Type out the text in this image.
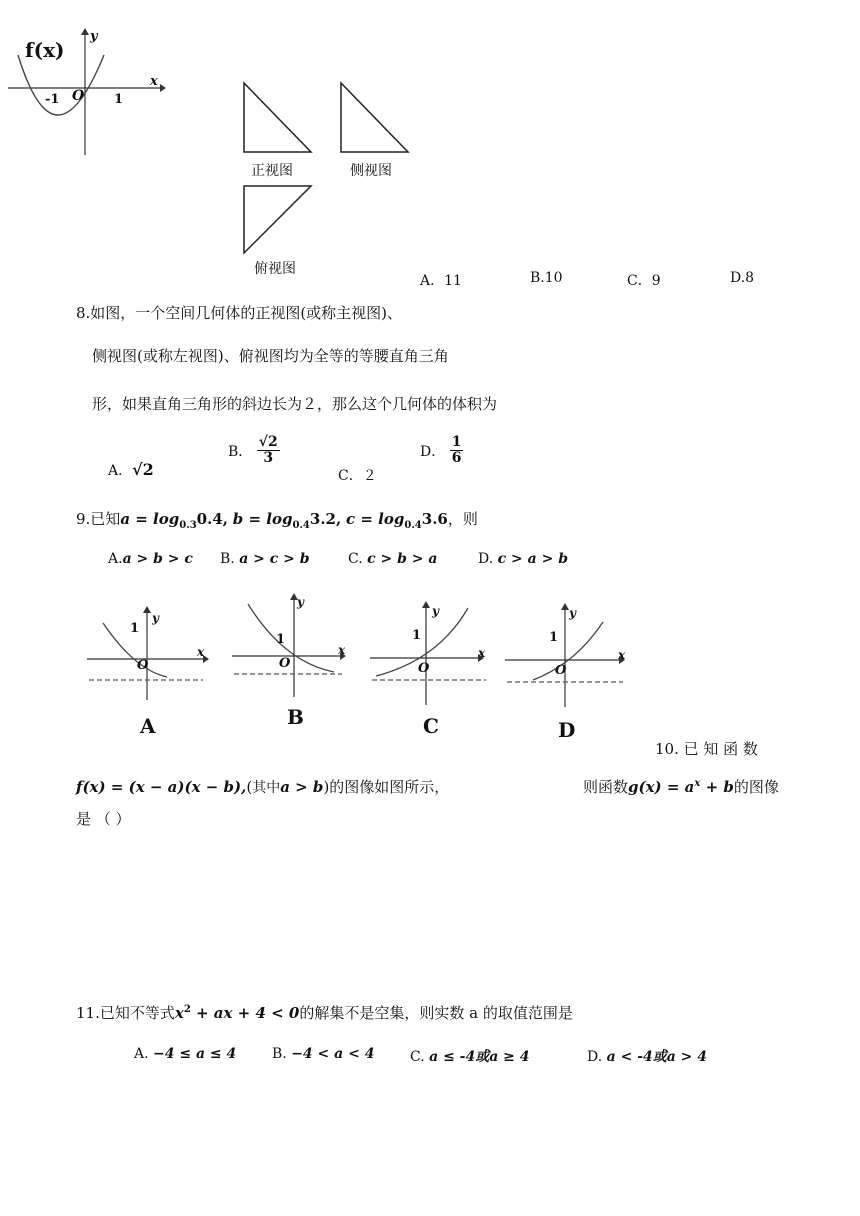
f(x)
y
x
O
-1	1
正视图	侧视图
俯视图
A．11	B.10	C．9	D.8
8.如图，一个空间几何体的正视图(或称主视图)、
侧视图(或称左视图)、俯视图均为全等的等腰直角三角
形，如果直角三角形的斜边长为２，那么这个几何体的体积为
A．√2
B． $\frac{√2}{3}$
C．２
D． $\frac{1}{6}$
9.已知$a = \log_{0.3}0.4$, $b = \log_{0.4}3.2$, $c = \log_{0.4}3.6$，则
A.a > b > c B. a > c > b	C. c > b > a	D. c > a > b
1
y
x
O
A
1
y
x
O
B
1
y
x
O
C
1
y
x
O
D
10. 已 知 函 数
f(x) = (x − a)(x − b),(其中a > b)的图像如图所示，	则函数$g(x) = a^x + b$的图像
是 （ ）
11.已知不等式$x^2$ + ax + 4 < 0的解集不是空集，则实数 a 的取值范围是
A. −4 ≤ a ≤ 4	B. −4 < a < 4	C. a ≤ -4或a ≥ 4	D. a < -4或a > 4
